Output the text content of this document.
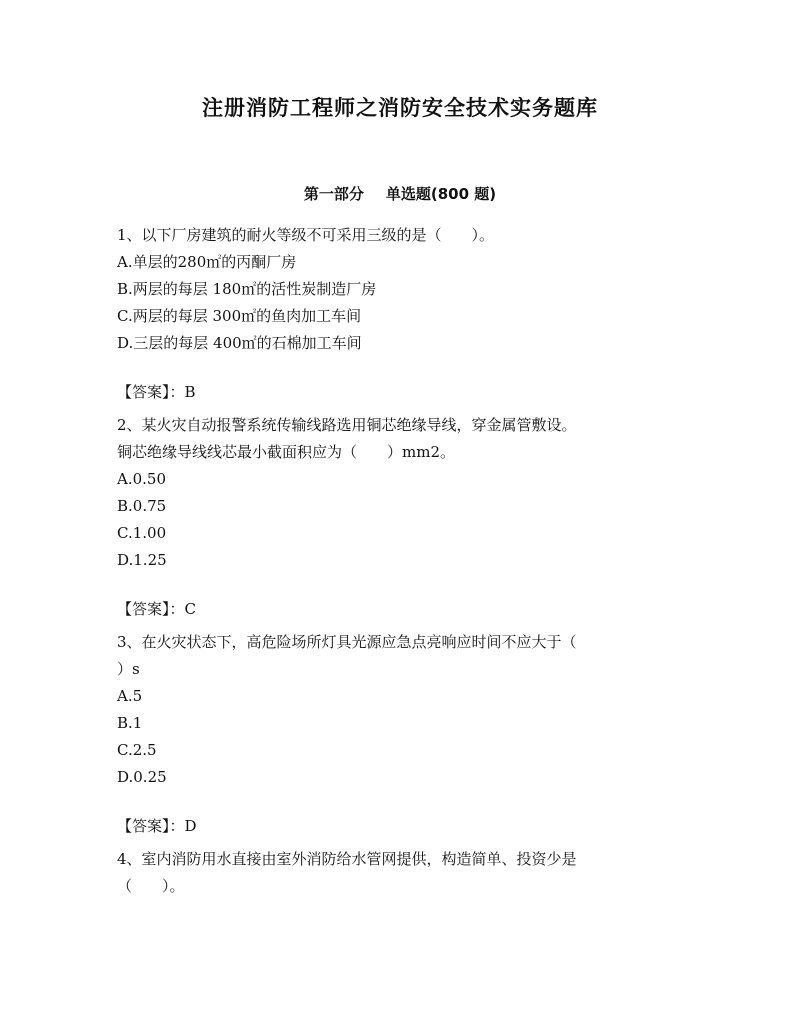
注册消防工程师之消防安全技术实务题库
第一部分 单选题(800 题)

1、以下厂房建筑的耐火等级不可采用三级的是（　　）。

A.单层的280㎡的丙酮厂房

B.两层的每层 180㎡的活性炭制造厂房

C.两层的每层 300㎡的鱼肉加工车间

D.三层的每层 400㎡的石棉加工车间

【答案】：B

2、某火灾自动报警系统传输线路选用铜芯绝缘导线，穿金属管敷设。
铜芯绝缘导线线芯最小截面积应为（　　）mm2。

A.0.50

B.0.75

C.1.00

D.1.25

【答案】：C

3、在火灾状态下，高危险场所灯具光源应急点亮响应时间不应大于（
）s

A.5

B.1

C.2.5

D.0.25

【答案】：D

4、室内消防用水直接由室外消防给水管网提供，构造简单、投资少是
（　　）。
